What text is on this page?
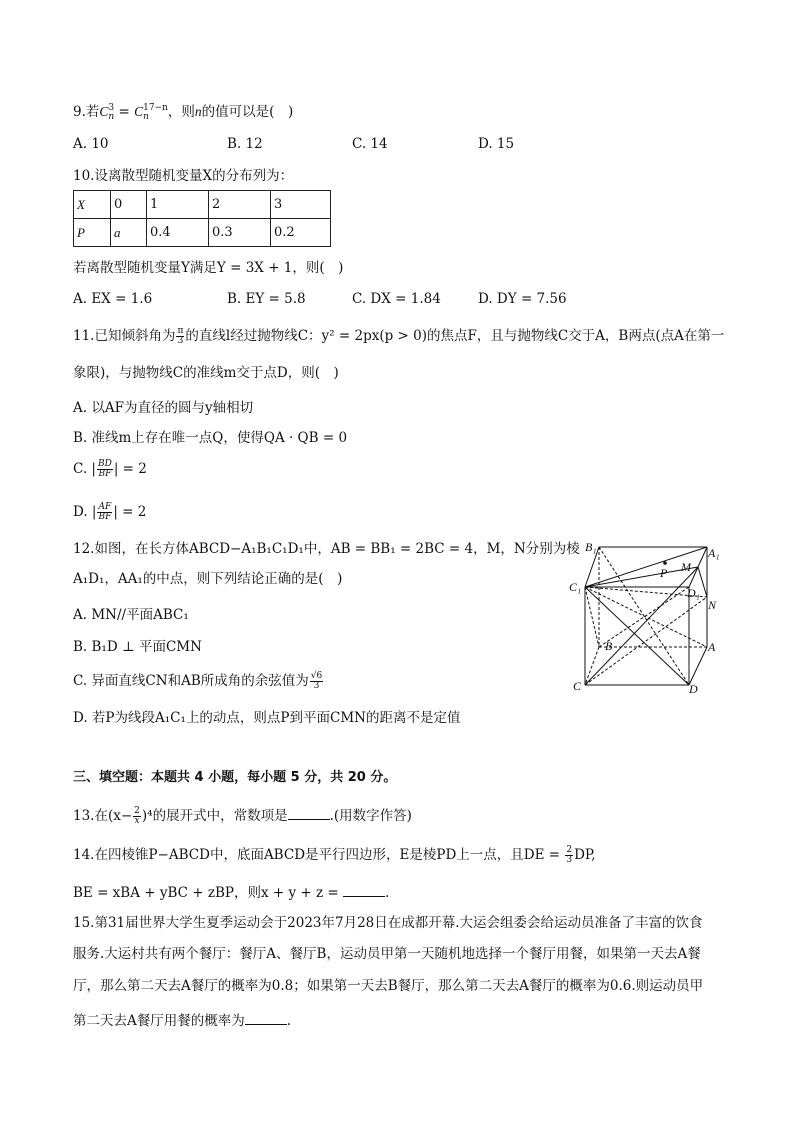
9.若C 3
n = C 17−n
n	，则n的值可以是(　)
A. 10	B. 12	C. 14	D. 15
10.设离散型随机变量X的分布列为：
X	0	1	2	3
P	a	0.4	0.3	0.2
若离散型随机变量Y满足Y = 3X + 1，则(　)
A. EX = 1.6	B. EY = 5.8	C. DX = 1.84	D. DY = 7.56
11.已知倾斜角为 $\frac{\pi}{3}$ 的直线l经过抛物线C：y² = 2px(p > 0)的焦点F，且与抛物线C交于A，B两点(点A在第一
象限)，与抛物线C的准线m交于点D，则(　)
A. 以AF为直径的圆与y轴相切
B. 准线m上存在唯一点Q，使得QA · QB = 0
C. | $\frac{BD}{BF}$ | = 2
D. | $\frac{AF}{BF}$ | = 2
12.如图，在长方体ABCD−A₁B₁C₁D₁中，AB = BB₁ = 2BC = 4，M，N分别为棱
A₁D₁，AA₁的中点，则下列结论正确的是(　)
A. MN//平面ABC₁
B. B₁D ⊥ 平面CMN
C. 异面直线CN和AB所成角的余弦值为 $\frac{√6}{3}$
D. 若P为线段A₁C₁上的动点，则点P到平面CMN的距离不是定值
B₁	A₁
C₁	D₁
P M
N
B	A
C	D
三、填空题：本题共 4 小题，每小题 5 分，共 20 分。
13.在$(x- \frac{2}{x} )^4$的展开式中，常数项是	.(用数字作答)
14.在四棱锥P−ABCD中，底面ABCD是平行四边形，E是棱PD上一点，且DE = $\frac{2}{3}$ DP,
BE = xBA + yBC + zBP，则x + y + z =	.
15.第31届世界大学生夏季运动会于2023年7月28日在成都开幕.大运会组委会给运动员准备了丰富的饮食
服务.大运村共有两个餐厅：餐厅A、餐厅B，运动员甲第一天随机地选择一个餐厅用餐，如果第一天去A餐
厅，那么第二天去A餐厅的概率为0.8；如果第一天去B餐厅，那么第二天去A餐厅的概率为0.6.则运动员甲
第二天去A餐厅用餐的概率为	.
